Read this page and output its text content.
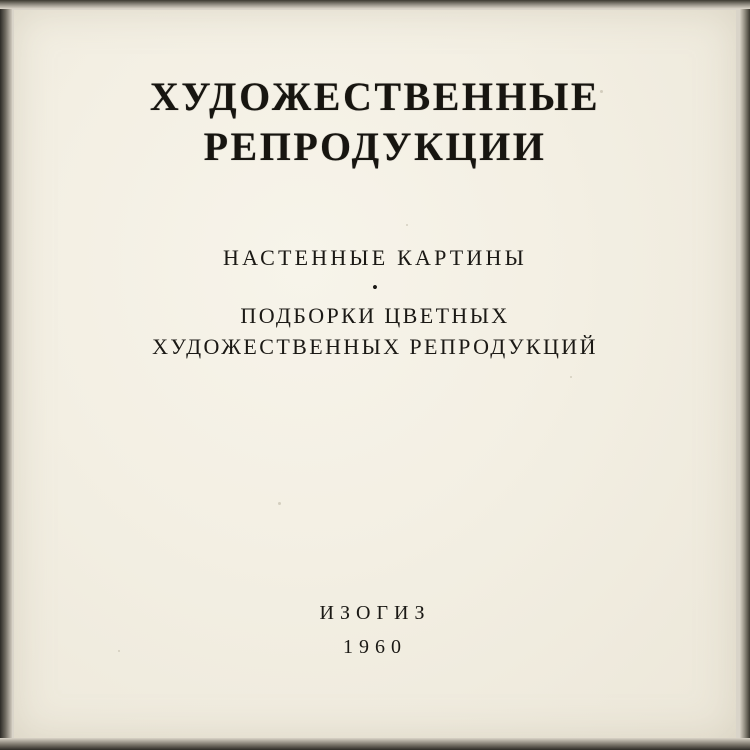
ХУДОЖЕСТВЕННЫЕ
РЕПРОДУКЦИИ
НАСТЕННЫЕ КАРТИНЫ
•
ПОДБОРКИ ЦВЕТНЫХ
ХУДОЖЕСТВЕННЫХ РЕПРОДУКЦИЙ
ИЗОГИЗ
1960
